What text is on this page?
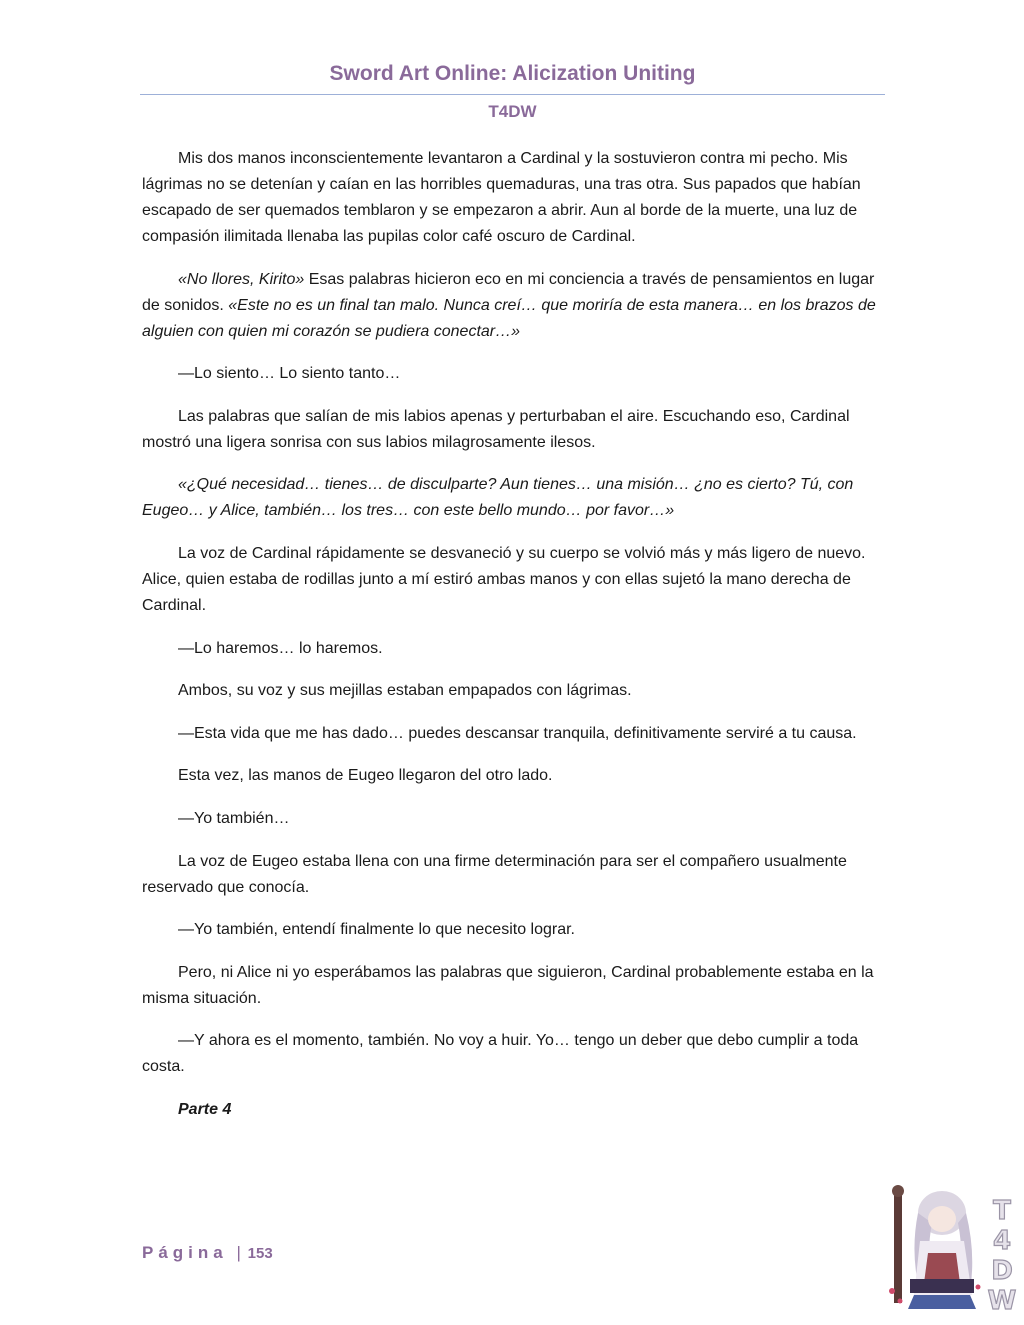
Sword Art Online: Alicization Uniting
T4DW

Mis dos manos inconscientemente levantaron a Cardinal y la sostuvieron contra mi pecho. Mis lágrimas no se detenían y caían en las horribles quemaduras, una tras otra. Sus papados que habían escapado de ser quemados temblaron y se empezaron a abrir. Aun al borde de la muerte, una luz de compasión ilimitada llenaba las pupilas color café oscuro de Cardinal.

«No llores, Kirito» Esas palabras hicieron eco en mi conciencia a través de pensamientos en lugar de sonidos. «Este no es un final tan malo. Nunca creí… que moriría de esta manera… en los brazos de alguien con quien mi corazón se pudiera conectar…»

—Lo siento… Lo siento tanto…

Las palabras que salían de mis labios apenas y perturbaban el aire. Escuchando eso, Cardinal mostró una ligera sonrisa con sus labios milagrosamente ilesos.

«¿Qué necesidad… tienes… de disculparte? Aun tienes… una misión… ¿no es cierto? Tú, con Eugeo… y Alice, también… los tres… con este bello mundo… por favor…»

La voz de Cardinal rápidamente se desvaneció y su cuerpo se volvió más y más ligero de nuevo. Alice, quien estaba de rodillas junto a mí estiró ambas manos y con ellas sujetó la mano derecha de Cardinal.

—Lo haremos… lo haremos.

Ambos, su voz y sus mejillas estaban empapados con lágrimas.

—Esta vida que me has dado… puedes descansar tranquila, definitivamente serviré a tu causa.

Esta vez, las manos de Eugeo llegaron del otro lado.

—Yo también…

La voz de Eugeo estaba llena con una firme determinación para ser el compañero usualmente reservado que conocía.

—Yo también, entendí finalmente lo que necesito lograr.

Pero, ni Alice ni yo esperábamos las palabras que siguieron, Cardinal probablemente estaba en la misma situación.

—Y ahora es el momento, también. No voy a huir. Yo… tengo un deber que debo cumplir a toda costa.

Parte 4

Página | 153
T
4
D
W
